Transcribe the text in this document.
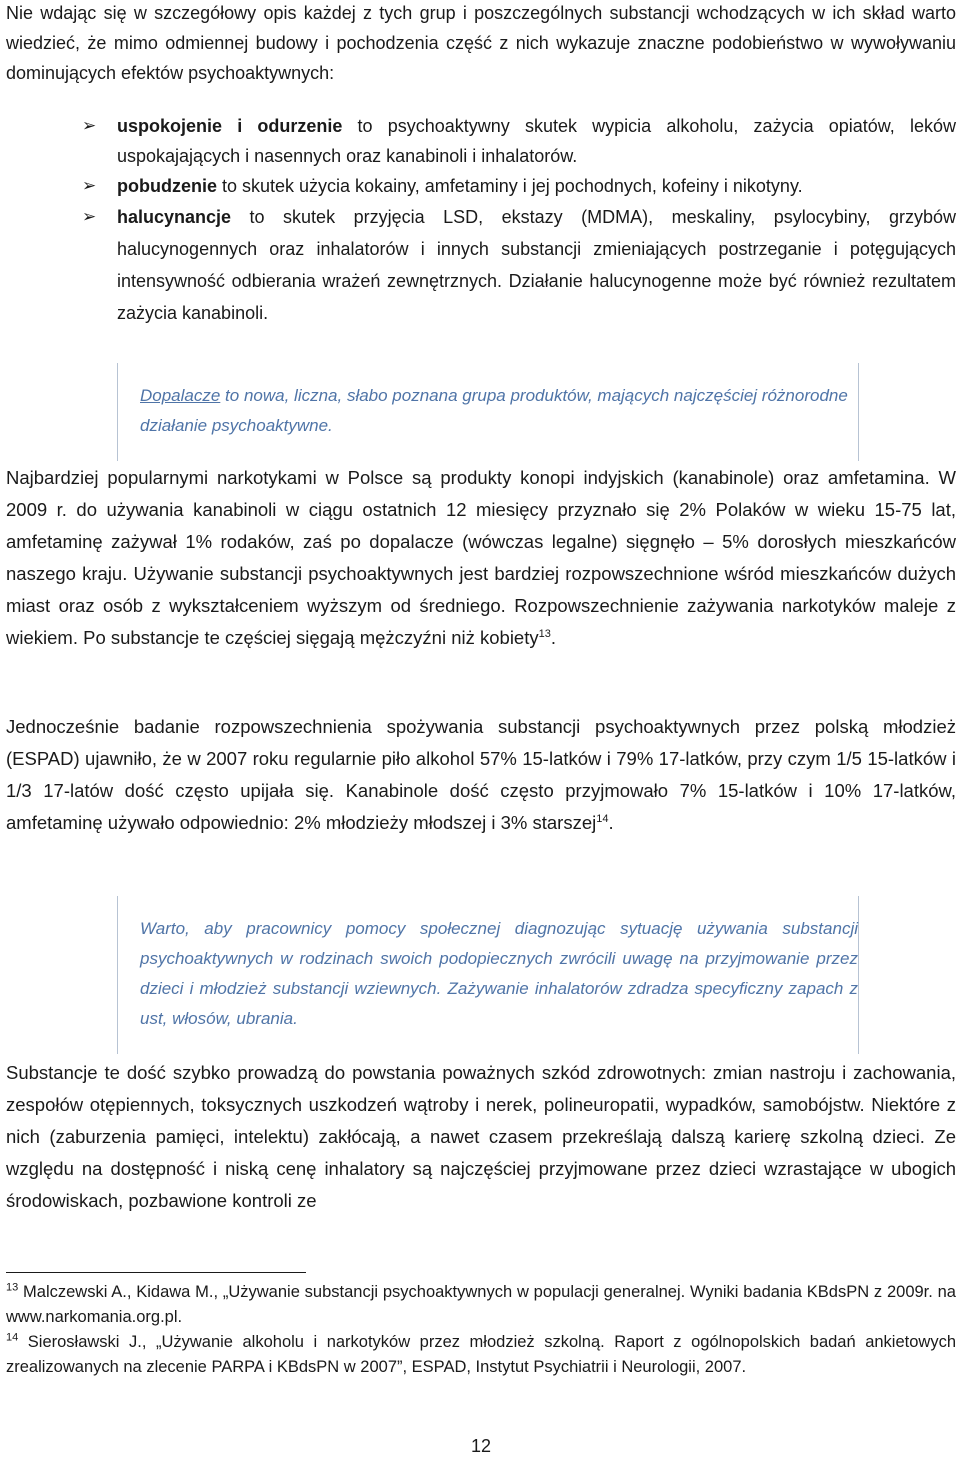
Nie wdając się w szczegółowy opis każdej z tych grup i poszczególnych substancji wchodzących w ich skład warto wiedzieć, że mimo odmiennej budowy i pochodzenia część z nich wykazuje znaczne podobieństwo w wywoływaniu dominujących efektów psychoaktywnych:

➢	uspokojenie i odurzenie to psychoaktywny skutek wypicia alkoholu, zażycia opiatów, leków uspokajających i nasennych oraz kanabinoli i inhalatorów.
➢	pobudzenie to skutek użycia kokainy, amfetaminy i jej pochodnych, kofeiny i nikotyny.
➢	halucynancje to skutek przyjęcia LSD, ekstazy (MDMA), meskaliny, psylocybiny, grzybów halucynogennych oraz inhalatorów i innych substancji zmieniających postrzeganie i potęgujących intensywność odbierania wrażeń zewnętrznych. Działanie halucynogenne może być również rezultatem zażycia kanabinoli.
Dopalacze to nowa, liczna, słabo poznana grupa produktów, mających najczęściej różnorodne działanie psychoaktywne.

Najbardziej popularnymi narkotykami w Polsce są produkty konopi indyjskich (kanabinole) oraz amfetamina. W 2009 r. do używania kanabinoli w ciągu ostatnich 12 miesięcy przyznało się 2% Polaków w wieku 15-75 lat, amfetaminę zażywał 1% rodaków, zaś po dopalacze (wówczas legalne) sięgnęło – 5% dorosłych mieszkańców naszego kraju. Używanie substancji psychoaktywnych jest bardziej rozpowszechnione wśród mieszkańców dużych miast oraz osób z wykształceniem wyższym od średniego. Rozpowszechnienie zażywania narkotyków maleje z wiekiem. Po substancje te częściej sięgają mężczyźni niż kobiety$^{13}$.

Jednocześnie badanie rozpowszechnienia spożywania substancji psychoaktywnych przez polską młodzież (ESPAD) ujawniło, że w 2007 roku regularnie piło alkohol 57% 15-latków i 79% 17-latków, przy czym 1/5 15-latków i 1/3 17-latów dość często upijała się. Kanabinole dość często przyjmowało 7% 15-latków i 10% 17-latków, amfetaminę używało odpowiednio: 2% młodzieży młodszej i 3% starszej$^{14}$.

Warto, aby pracownicy pomocy społecznej diagnozując sytuację używania substancji psychoaktywnych w rodzinach swoich podopiecznych zwrócili uwagę na przyjmowanie przez dzieci i młodzież substancji wziewnych. Zażywanie inhalatorów zdradza specyficzny zapach z ust, włosów, ubrania.

Substancje te dość szybko prowadzą do powstania poważnych szkód zdrowotnych: zmian nastroju i zachowania, zespołów otępiennych, toksycznych uszkodzeń wątroby i nerek, polineuropatii, wypadków, samobójstw. Niektóre z nich (zaburzenia pamięci, intelektu) zakłócają, a nawet czasem przekreślają dalszą karierę szkolną dzieci. Ze względu na dostępność i niską cenę inhalatory są najczęściej przyjmowane przez dzieci wzrastające w ubogich środowiskach, pozbawione kontroli ze

$^{13}$ Malczewski A., Kidawa M., „Używanie substancji psychoaktywnych w populacji generalnej. Wyniki badania KBdsPN z 2009r. na www.narkomania.org.pl.

$^{14}$ Sierosławski J., „Używanie alkoholu i narkotyków przez młodzież szkolną. Raport z ogólnopolskich badań ankietowych zrealizowanych na zlecenie PARPA i KBdsPN w 2007”, ESPAD, Instytut Psychiatrii i Neurologii, 2007.

12
